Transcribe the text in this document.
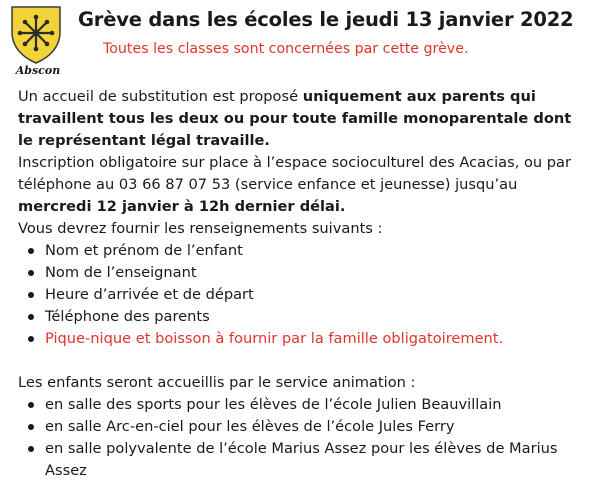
Abscon
Grève dans les écoles le jeudi 13 janvier 2022

Toutes les classes sont concernées par cette grève.

Un accueil de substitution est proposé uniquement aux parents qui travaillent tous les deux ou pour toute famille monoparentale dont le représentant légal travaille.

Inscription obligatoire sur place à l’espace socioculturel des Acacias, ou par téléphone au 03 66 87 07 53 (service enfance et jeunesse) jusqu’au mercredi 12 janvier à 12h dernier délai.

Vous devrez fournir les renseignements suivants :

Nom et prénom de l’enfant
Nom de l’enseignant
Heure d’arrivée et de départ
Téléphone des parents
Pique-nique et boisson à fournir par la famille obligatoirement.

Les enfants seront accueillis par le service animation :

en salle des sports pour les élèves de l’école Julien Beauvillain
en salle Arc-en-ciel pour les élèves de l’école Jules Ferry
en salle polyvalente de l’école Marius Assez pour les élèves de Marius Assez
